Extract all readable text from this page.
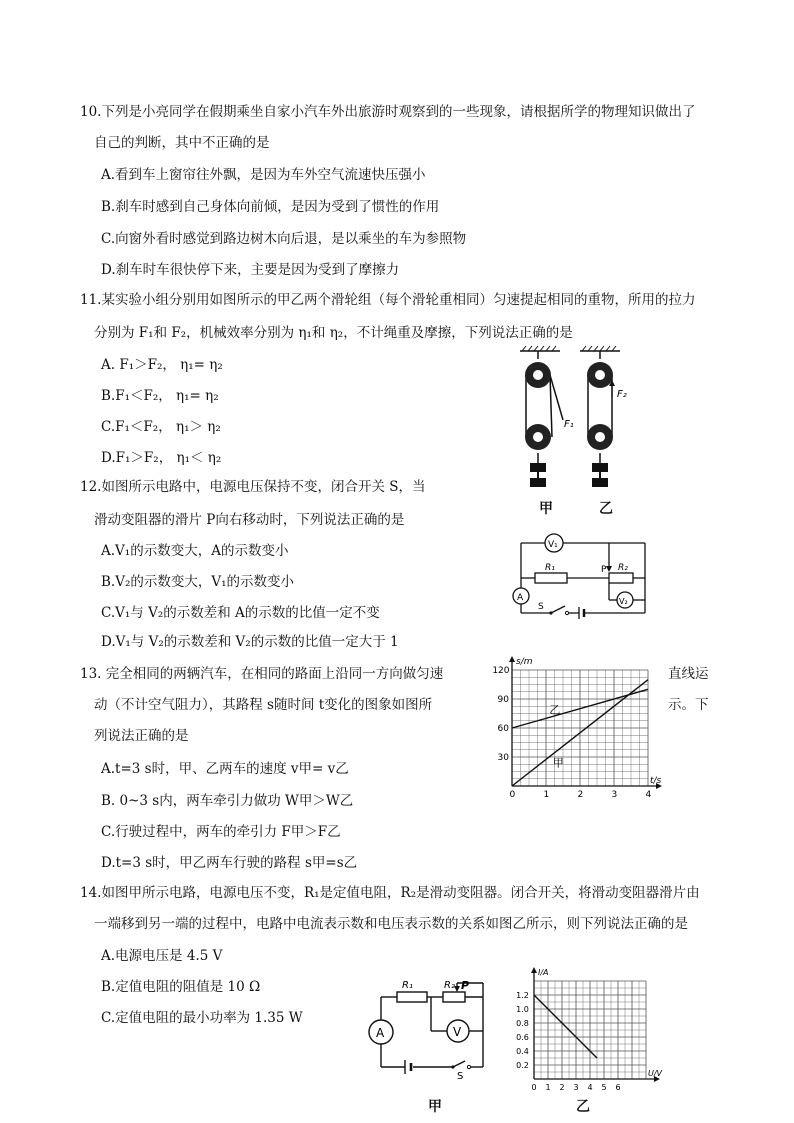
10.下列是小亮同学在假期乘坐自家小汽车外出旅游时观察到的一些现象，请根据所学的物理知识做出了
自己的判断，其中不正确的是
A.看到车上窗帘往外飘，是因为车外空气流速快压强小
B.刹车时感到自己身体向前倾，是因为受到了惯性的作用
C.向窗外看时感觉到路边树木向后退，是以乘坐的车为参照物
D.刹车时车很快停下来，主要是因为受到了摩擦力
11.某实验小组分别用如图所示的甲乙两个滑轮组（每个滑轮重相同）匀速提起相同的重物，所用的拉力
分别为 F₁和 F₂，机械效率分别为 η₁和 η₂，不计绳重及摩擦，下列说法正确的是
A. F₁＞F₂， η₁= η₂
B.F₁＜F₂， η₁= η₂
C.F₁＜F₂， η₁＞ η₂
D.F₁＞F₂， η₁＜ η₂
F₁
F₂
甲	乙
12.如图所示电路中，电源电压保持不变，闭合开关 S，当
滑动变阻器的滑片 P向右移动时，下列说法正确的是
A.V₁的示数变大，A的示数变小
B.V₂的示数变大，V₁的示数变小
C.V₁与 V₂的示数差和 A的示数的比值一定不变
D.V₁与 V₂的示数差和 V₂的示数的比值一定大于 1
V₁
V₂
A
R₁	R₂
P
S
13. 完全相同的两辆汽车，在相同的路面上沿同一方向做匀速	直线运
动（不计空气阻力），其路程 s随时间 t变化的图象如图所	示。下
列说法正确的是
A.t=3 s时，甲、乙两车的速度 v甲= v乙
B. 0~3 s内，两车牵引力做功 W甲＞W乙
C.行驶过程中，两车的牵引力 F甲＞F乙
D.t=3 s时，甲乙两车行驶的路程 s甲=s乙
0	1	2	3	4
30
60
90
120
s/m
t/s
甲
乙
14.如图甲所示电路，电源电压不变，R₁是定值电阻，R₂是滑动变阻器。闭合开关，将滑动变阻器滑片由
一端移到另一端的过程中，电路中电流表示数和电压表示数的关系如图乙所示，则下列说法正确的是
A.电源电压是 4.5 V
B.定值电阻的阻值是 10 Ω
C.定值电阻的最小功率为 1.35 W
A	V
R₁	R₂ P
S
甲
0 1 2 3 4 5 6
0.2
0.4
0.6
0.8
1.0
1.2
I/A
U/V
乙
